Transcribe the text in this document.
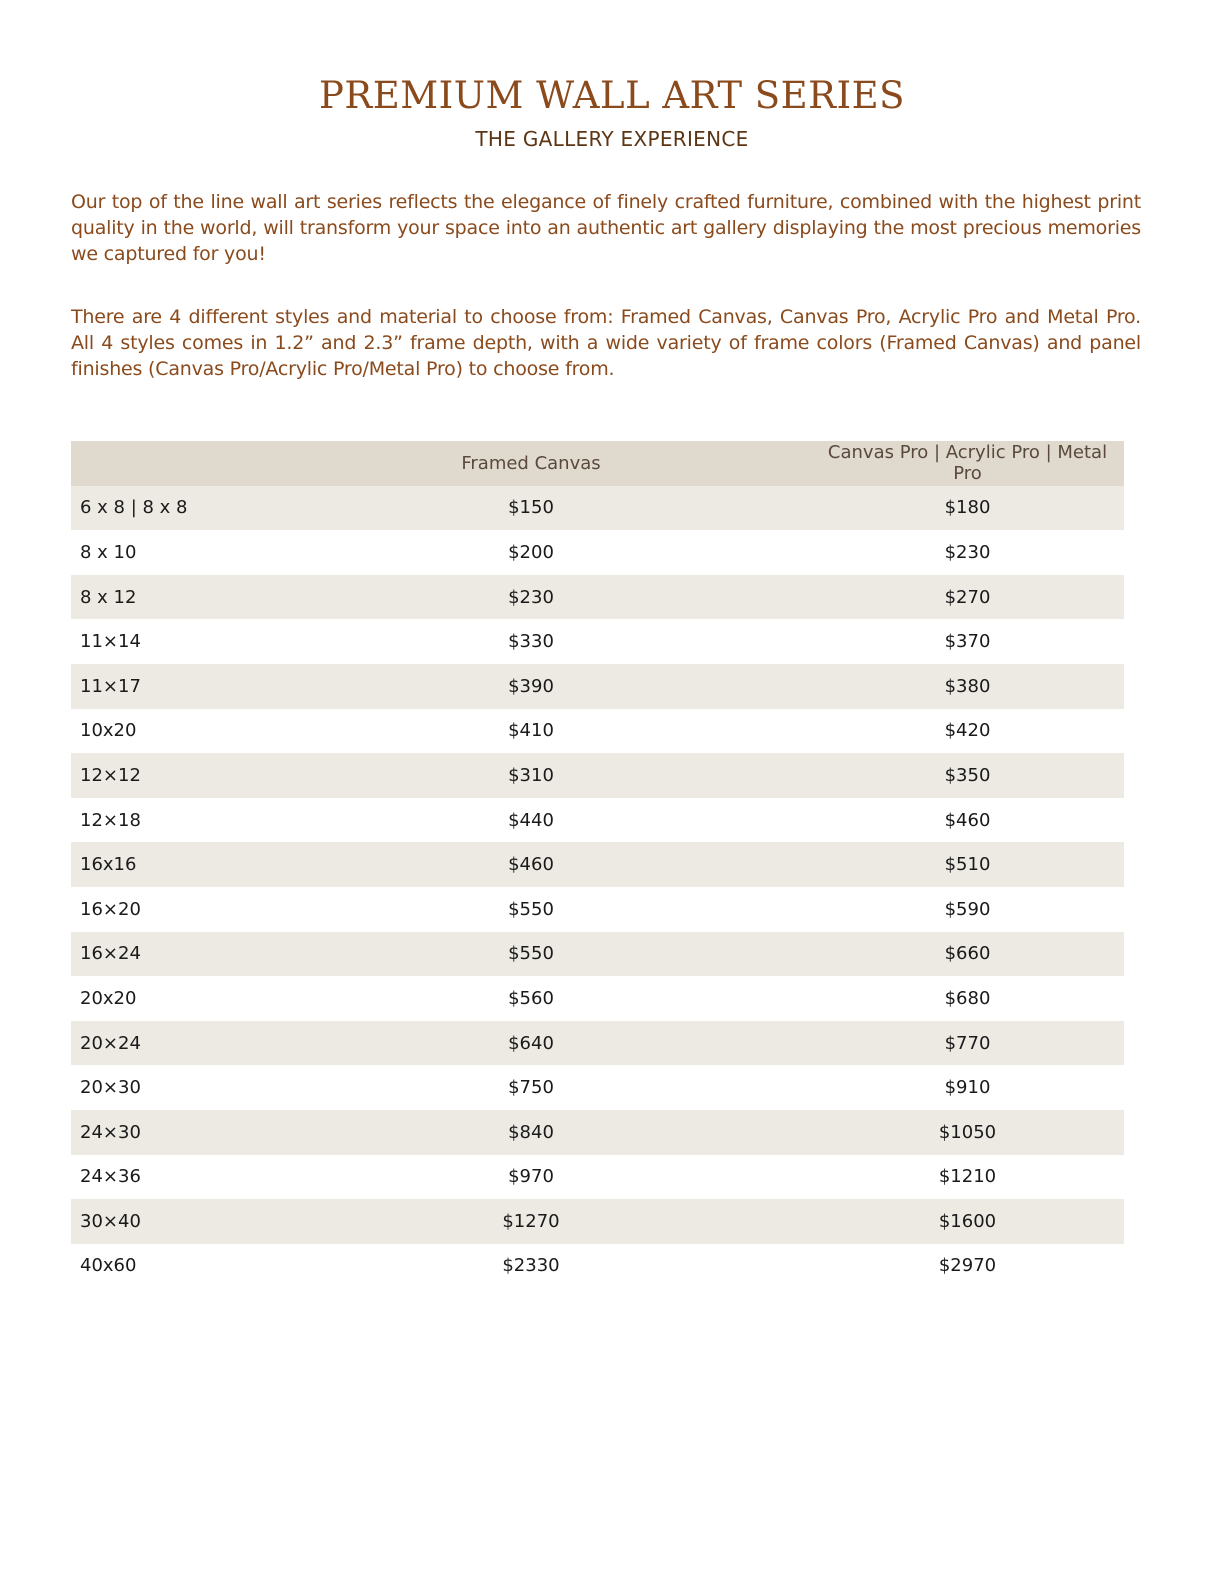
PREMIUM WALL ART SERIES
THE GALLERY EXPERIENCE

Our top of the line wall art series reflects the elegance of finely crafted furniture, combined with the highest print quality in the world, will transform your space into an authentic art gallery displaying the most precious memories we captured for you!

There are 4 different styles and material to choose from: Framed Canvas, Canvas Pro, Acrylic Pro and Metal Pro. All 4 styles comes in 1.2” and 2.3” frame depth, with a wide variety of frame colors (Framed Canvas) and panel finishes (Canvas Pro/Acrylic Pro/Metal Pro) to choose from.

	Framed Canvas	Canvas Pro | Acrylic Pro | Metal Pro
6 x 8 | 8 x 8	$150	$180
8 x 10	$200	$230
8 x 12	$230	$270
11×14	$330	$370
11×17	$390	$380
10x20	$410	$420
12×12	$310	$350
12×18	$440	$460
16x16	$460	$510
16×20	$550	$590
16×24	$550	$660
20x20	$560	$680
20×24	$640	$770
20×30	$750	$910
24×30	$840	$1050
24×36	$970	$1210
30×40	$1270	$1600
40x60	$2330	$2970
